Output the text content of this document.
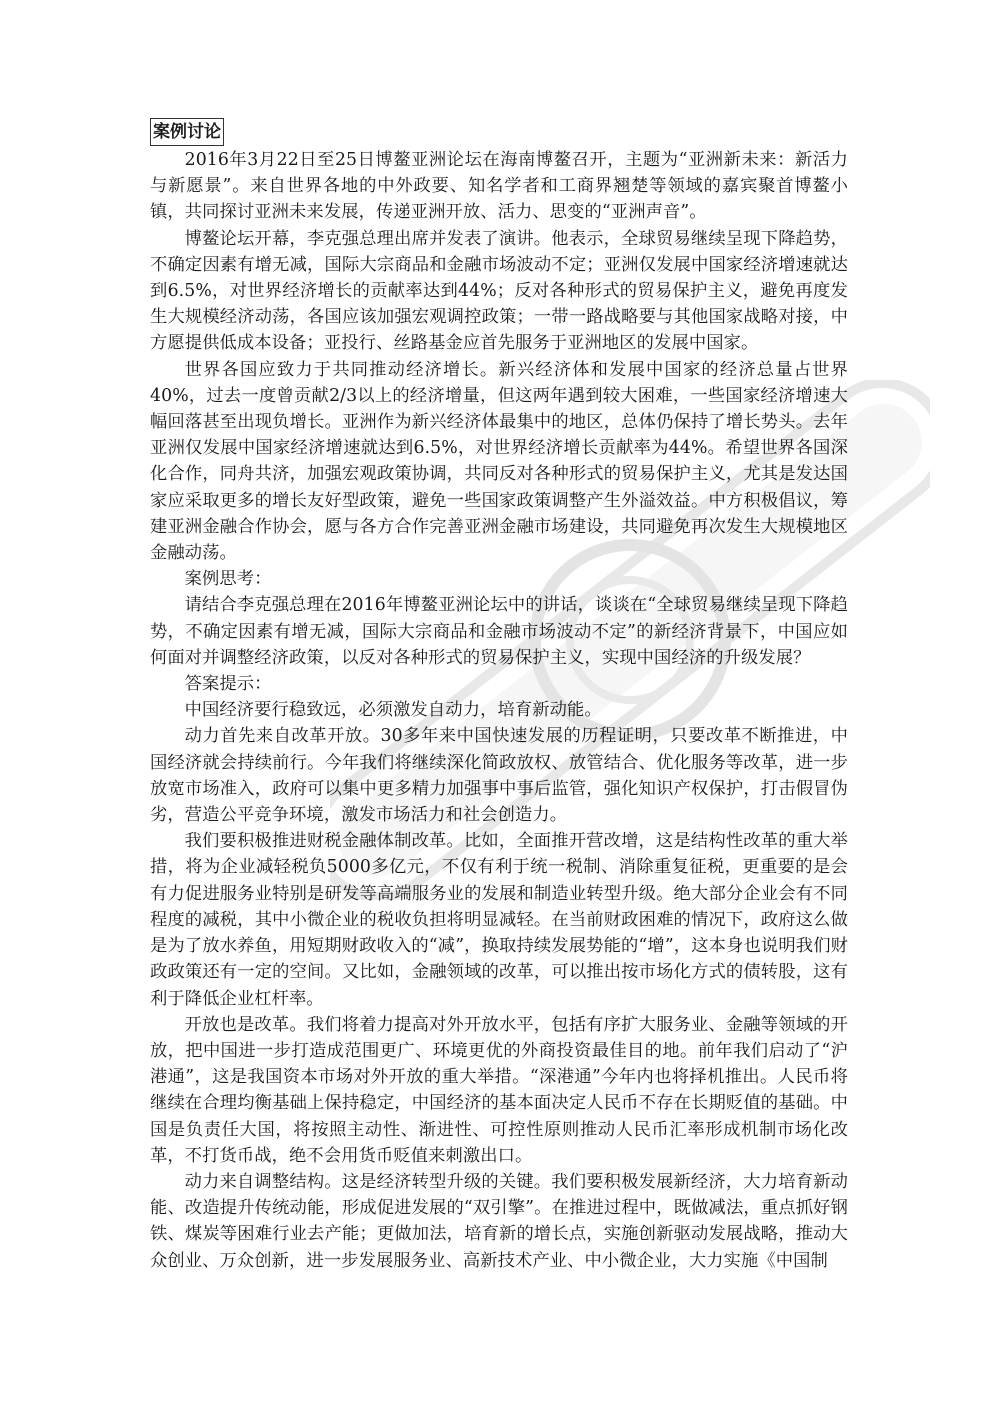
案例讨论

2016年3月22日至25日博鳌亚洲论坛在海南博鳌召开，主题为“亚洲新未来：新活力与新愿景”。来自世界各地的中外政要、知名学者和工商界翘楚等领域的嘉宾聚首博鳌小镇，共同探讨亚洲未来发展，传递亚洲开放、活力、思变的“亚洲声音”。

博鳌论坛开幕，李克强总理出席并发表了演讲。他表示，全球贸易继续呈现下降趋势，不确定因素有增无减，国际大宗商品和金融市场波动不定；亚洲仅发展中国家经济增速就达到6.5%，对世界经济增长的贡献率达到44%；反对各种形式的贸易保护主义，避免再度发生大规模经济动荡，各国应该加强宏观调控政策；一带一路战略要与其他国家战略对接，中方愿提供低成本设备；亚投行、丝路基金应首先服务于亚洲地区的发展中国家。

世界各国应致力于共同推动经济增长。新兴经济体和发展中国家的经济总量占世界40%，过去一度曾贡献2/3以上的经济增量，但这两年遇到较大困难，一些国家经济增速大幅回落甚至出现负增长。亚洲作为新兴经济体最集中的地区，总体仍保持了增长势头。去年亚洲仅发展中国家经济增速就达到6.5%，对世界经济增长贡献率为44%。希望世界各国深化合作，同舟共济，加强宏观政策协调，共同反对各种形式的贸易保护主义，尤其是发达国家应采取更多的增长友好型政策，避免一些国家政策调整产生外溢效益。中方积极倡议，筹建亚洲金融合作协会，愿与各方合作完善亚洲金融市场建设，共同避免再次发生大规模地区金融动荡。

案例思考：

请结合李克强总理在2016年博鳌亚洲论坛中的讲话，谈谈在“全球贸易继续呈现下降趋势，不确定因素有增无减，国际大宗商品和金融市场波动不定”的新经济背景下，中国应如何面对并调整经济政策，以反对各种形式的贸易保护主义，实现中国经济的升级发展？

答案提示：

中国经济要行稳致远，必须激发自动力，培育新动能。

动力首先来自改革开放。30多年来中国快速发展的历程证明，只要改革不断推进，中国经济就会持续前行。今年我们将继续深化简政放权、放管结合、优化服务等改革，进一步放宽市场准入，政府可以集中更多精力加强事中事后监管，强化知识产权保护，打击假冒伪劣，营造公平竞争环境，激发市场活力和社会创造力。

我们要积极推进财税金融体制改革。比如，全面推开营改增，这是结构性改革的重大举措，将为企业减轻税负5000多亿元，不仅有利于统一税制、消除重复征税，更重要的是会有力促进服务业特别是研发等高端服务业的发展和制造业转型升级。绝大部分企业会有不同程度的减税，其中小微企业的税收负担将明显减轻。在当前财政困难的情况下，政府这么做是为了放水养鱼，用短期财政收入的“减”，换取持续发展势能的“增”，这本身也说明我们财政政策还有一定的空间。又比如，金融领域的改革，可以推出按市场化方式的债转股，这有利于降低企业杠杆率。

开放也是改革。我们将着力提高对外开放水平，包括有序扩大服务业、金融等领域的开放，把中国进一步打造成范围更广、环境更优的外商投资最佳目的地。前年我们启动了“沪港通”，这是我国资本市场对外开放的重大举措。“深港通”今年内也将择机推出。人民币将继续在合理均衡基础上保持稳定，中国经济的基本面决定人民币不存在长期贬值的基础。中国是负责任大国，将按照主动性、渐进性、可控性原则推动人民币汇率形成机制市场化改革，不打货币战，绝不会用货币贬值来刺激出口。

动力来自调整结构。这是经济转型升级的关键。我们要积极发展新经济，大力培育新动能、改造提升传统动能，形成促进发展的“双引擎”。在推进过程中，既做减法，重点抓好钢铁、煤炭等困难行业去产能；更做加法，培育新的增长点，实施创新驱动发展战略，推动大众创业、万众创新，进一步发展服务业、高新技术产业、中小微企业，大力实施《中国制
